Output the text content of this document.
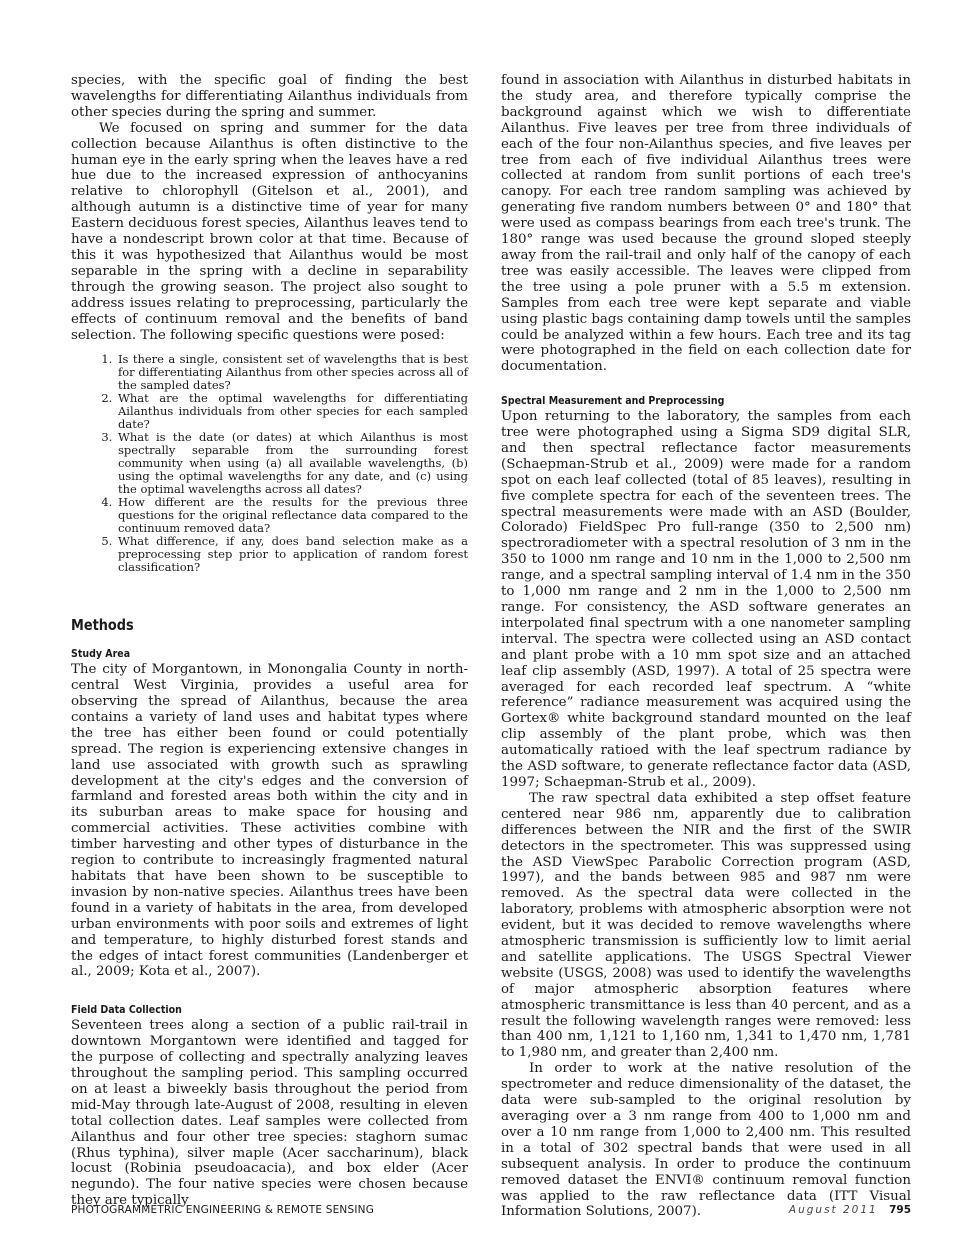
species, with the specific goal of finding the best wavelengths for differentiating Ailanthus individuals from other species during the spring and summer.

We focused on spring and summer for the data collection because Ailanthus is often distinctive to the human eye in the early spring when the leaves have a red hue due to the increased expression of anthocyanins relative to chlorophyll (Gitelson et al., 2001), and although autumn is a distinctive time of year for many Eastern deciduous forest species, Ailanthus leaves tend to have a nondescript brown color at that time. Because of this it was hypothesized that Ailanthus would be most separable in the spring with a decline in separability through the growing season. The project also sought to address issues relating to preprocessing, particularly the effects of continuum removal and the benefits of band selection. The following specific questions were posed:

1. Is there a single, consistent set of wavelengths that is best for differentiating Ailanthus from other species across all of the sampled dates?
2. What are the optimal wavelengths for differentiating Ailanthus individuals from other species for each sampled date?
3. What is the date (or dates) at which Ailanthus is most spectrally separable from the surrounding forest community when using (a) all available wavelengths, (b) using the optimal wavelengths for any date, and (c) using the optimal wavelengths across all dates?
4. How different are the results for the previous three questions for the original reflectance data compared to the continuum removed data?
5. What difference, if any, does band selection make as a preprocessing step prior to application of random forest classification?
Methods
Study Area

The city of Morgantown, in Monongalia County in north-central West Virginia, provides a useful area for observing the spread of Ailanthus, because the area contains a variety of land uses and habitat types where the tree has either been found or could potentially spread. The region is experiencing extensive changes in land use associated with growth such as sprawling development at the city's edges and the conversion of farmland and forested areas both within the city and in its suburban areas to make space for housing and commercial activities. These activities combine with timber harvesting and other types of disturbance in the region to contribute to increasingly fragmented natural habitats that have been shown to be susceptible to invasion by non-native species. Ailanthus trees have been found in a variety of habitats in the area, from developed urban environments with poor soils and extremes of light and temperature, to highly disturbed forest stands and the edges of intact forest communities (Landenberger et al., 2009; Kota et al., 2007).

Field Data Collection

Seventeen trees along a section of a public rail-trail in downtown Morgantown were identified and tagged for the purpose of collecting and spectrally analyzing leaves throughout the sampling period. This sampling occurred on at least a biweekly basis throughout the period from mid-May through late-August of 2008, resulting in eleven total collection dates. Leaf samples were collected from Ailanthus and four other tree species: staghorn sumac (Rhus typhina), silver maple (Acer saccharinum), black locust (Robinia pseudoacacia), and box elder (Acer negundo). The four native species were chosen because they are typically

found in association with Ailanthus in disturbed habitats in the study area, and therefore typically comprise the background against which we wish to differentiate Ailanthus. Five leaves per tree from three individuals of each of the four non-Ailanthus species, and five leaves per tree from each of five individual Ailanthus trees were collected at random from sunlit portions of each tree's canopy. For each tree random sampling was achieved by generating five random numbers between 0° and 180° that were used as compass bearings from each tree's trunk. The 180° range was used because the ground sloped steeply away from the rail-trail and only half of the canopy of each tree was easily accessible. The leaves were clipped from the tree using a pole pruner with a 5.5 m extension. Samples from each tree were kept separate and viable using plastic bags containing damp towels until the samples could be analyzed within a few hours. Each tree and its tag were photographed in the field on each collection date for documentation.

Spectral Measurement and Preprocessing

Upon returning to the laboratory, the samples from each tree were photographed using a Sigma SD9 digital SLR, and then spectral reflectance factor measurements (Schaepman-Strub et al., 2009) were made for a random spot on each leaf collected (total of 85 leaves), resulting in five complete spectra for each of the seventeen trees. The spectral measurements were made with an ASD (Boulder, Colorado) FieldSpec Pro full-range (350 to 2,500 nm) spectroradiometer with a spectral resolution of 3 nm in the 350 to 1000 nm range and 10 nm in the 1,000 to 2,500 nm range, and a spectral sampling interval of 1.4 nm in the 350 to 1,000 nm range and 2 nm in the 1,000 to 2,500 nm range. For consistency, the ASD software generates an interpolated final spectrum with a one nanometer sampling interval. The spectra were collected using an ASD contact and plant probe with a 10 mm spot size and an attached leaf clip assembly (ASD, 1997). A total of 25 spectra were averaged for each recorded leaf spectrum. A “white reference” radiance measurement was acquired using the Gortex® white background standard mounted on the leaf clip assembly of the plant probe, which was then automatically ratioed with the leaf spectrum radiance by the ASD software, to generate reflectance factor data (ASD, 1997; Schaepman-Strub et al., 2009).

The raw spectral data exhibited a step offset feature centered near 986 nm, apparently due to calibration differences between the NIR and the first of the SWIR detectors in the spectrometer. This was suppressed using the ASD ViewSpec Parabolic Correction program (ASD, 1997), and the bands between 985 and 987 nm were removed. As the spectral data were collected in the laboratory, problems with atmospheric absorption were not evident, but it was decided to remove wavelengths where atmospheric transmission is sufficiently low to limit aerial and satellite applications. The USGS Spectral Viewer website (USGS, 2008) was used to identify the wavelengths of major atmospheric absorption features where atmospheric transmittance is less than 40 percent, and as a result the following wavelength ranges were removed: less than 400 nm, 1,121 to 1,160 nm, 1,341 to 1,470 nm, 1,781 to 1,980 nm, and greater than 2,400 nm.

In order to work at the native resolution of the spectrometer and reduce dimensionality of the dataset, the data were sub-sampled to the original resolution by averaging over a 3 nm range from 400 to 1,000 nm and over a 10 nm range from 1,000 to 2,400 nm. This resulted in a total of 302 spectral bands that were used in all subsequent analysis. In order to produce the continuum removed dataset the ENVI® continuum removal function was applied to the raw reflectance data (ITT Visual Information Solutions, 2007).

PHOTOGRAMMETRIC ENGINEERING & REMOTE SENSING	August 2011 795
